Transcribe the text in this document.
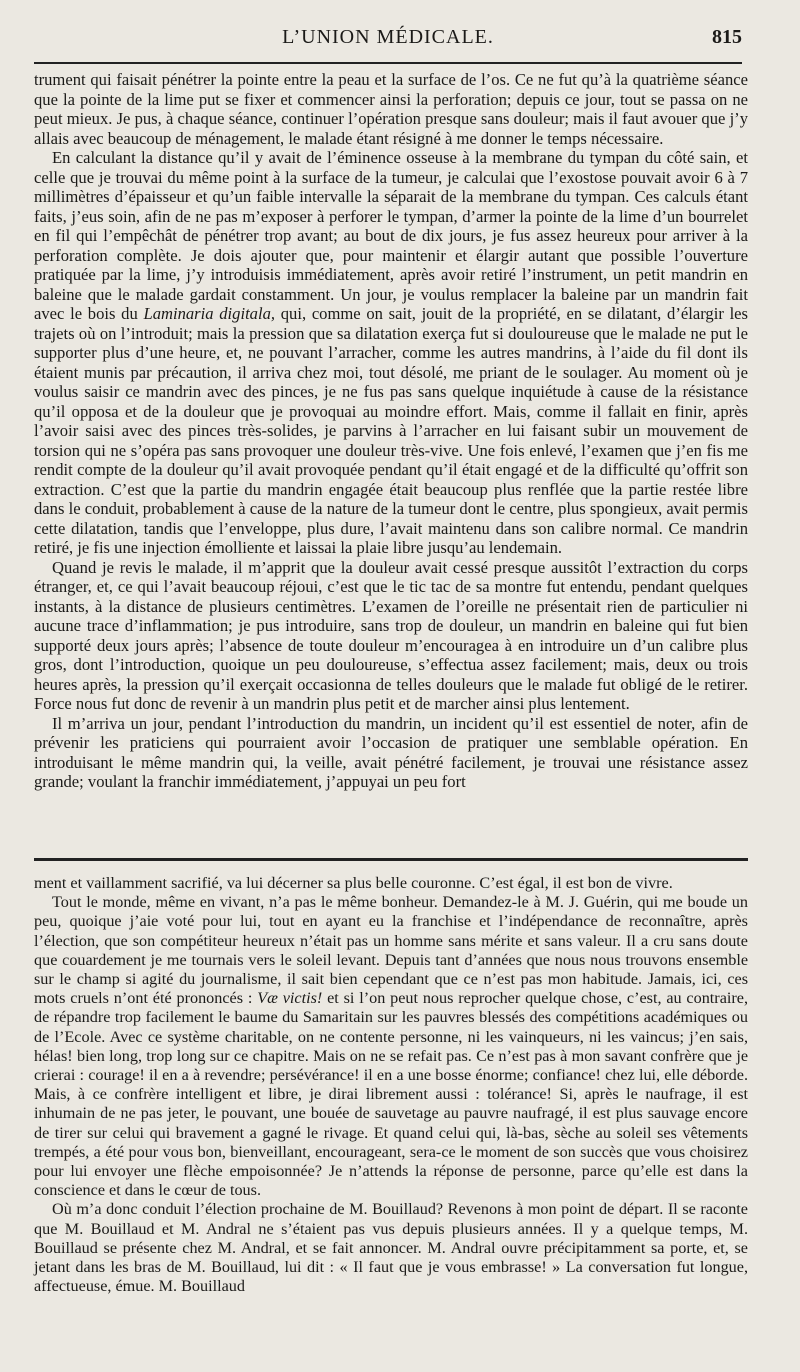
L’UNION MÉDICALE.	815

trument qui faisait pénétrer la pointe entre la peau et la surface de l’os. Ce ne fut qu’à la quatrième séance que la pointe de la lime put se fixer et commencer ainsi la perforation; depuis ce jour, tout se passa on ne peut mieux. Je pus, à chaque séance, continuer l’opération presque sans douleur; mais il faut avouer que j’y allais avec beaucoup de ménagement, le malade étant résigné à me donner le temps nécessaire.

En calculant la distance qu’il y avait de l’éminence osseuse à la membrane du tympan du côté sain, et celle que je trouvai du même point à la surface de la tumeur, je calculai que l’exostose pouvait avoir 6 à 7 millimètres d’épaisseur et qu’un faible intervalle la séparait de la membrane du tympan. Ces calculs étant faits, j’eus soin, afin de ne pas m’exposer à perforer le tympan, d’armer la pointe de la lime d’un bourrelet en fil qui l’empêchât de pénétrer trop avant; au bout de dix jours, je fus assez heureux pour arriver à la perforation complète. Je dois ajouter que, pour maintenir et élargir autant que possible l’ouverture pratiquée par la lime, j’y introduisis immédiatement, après avoir retiré l’instrument, un petit mandrin en baleine que le malade gardait constamment. Un jour, je voulus remplacer la baleine par un mandrin fait avec le bois du Laminaria digitala, qui, comme on sait, jouit de la propriété, en se dilatant, d’élargir les trajets où on l’introduit; mais la pression que sa dilatation exerça fut si douloureuse que le malade ne put le supporter plus d’une heure, et, ne pouvant l’arracher, comme les autres mandrins, à l’aide du fil dont ils étaient munis par précaution, il arriva chez moi, tout désolé, me priant de le soulager. Au moment où je voulus saisir ce mandrin avec des pinces, je ne fus pas sans quelque inquiétude à cause de la résistance qu’il opposa et de la douleur que je provoquai au moindre effort. Mais, comme il fallait en finir, après l’avoir saisi avec des pinces très-solides, je parvins à l’arracher en lui faisant subir un mouvement de torsion qui ne s’opéra pas sans provoquer une douleur très-vive. Une fois enlevé, l’examen que j’en fis me rendit compte de la douleur qu’il avait provoquée pendant qu’il était engagé et de la difficulté qu’offrit son extraction. C’est que la partie du mandrin engagée était beaucoup plus renflée que la partie restée libre dans le conduit, probablement à cause de la nature de la tumeur dont le centre, plus spongieux, avait permis cette dilatation, tandis que l’enveloppe, plus dure, l’avait maintenu dans son calibre normal. Ce mandrin retiré, je fis une injection émolliente et laissai la plaie libre jusqu’au lendemain.

Quand je revis le malade, il m’apprit que la douleur avait cessé presque aussitôt l’extraction du corps étranger, et, ce qui l’avait beaucoup réjoui, c’est que le tic tac de sa montre fut entendu, pendant quelques instants, à la distance de plusieurs centimètres. L’examen de l’oreille ne présentait rien de particulier ni aucune trace d’inflammation; je pus introduire, sans trop de douleur, un mandrin en baleine qui fut bien supporté deux jours après; l’absence de toute douleur m’encouragea à en introduire un d’un calibre plus gros, dont l’introduction, quoique un peu douloureuse, s’effectua assez facilement; mais, deux ou trois heures après, la pression qu’il exerçait occasionna de telles douleurs que le malade fut obligé de le retirer. Force nous fut donc de revenir à un mandrin plus petit et de marcher ainsi plus lentement.

Il m’arriva un jour, pendant l’introduction du mandrin, un incident qu’il est essentiel de noter, afin de prévenir les praticiens qui pourraient avoir l’occasion de pratiquer une semblable opération. En introduisant le même mandrin qui, la veille, avait pénétré facilement, je trouvai une résistance assez grande; voulant la franchir immédiatement, j’appuyai un peu fort

ment et vaillamment sacrifié, va lui décerner sa plus belle couronne. C’est égal, il est bon de vivre.

Tout le monde, même en vivant, n’a pas le même bonheur. Demandez-le à M. J. Guérin, qui me boude un peu, quoique j’aie voté pour lui, tout en ayant eu la franchise et l’indépendance de reconnaître, après l’élection, que son compétiteur heureux n’était pas un homme sans mérite et sans valeur. Il a cru sans doute que couardement je me tournais vers le soleil levant. Depuis tant d’années que nous nous trouvons ensemble sur le champ si agité du journalisme, il sait bien cependant que ce n’est pas mon habitude. Jamais, ici, ces mots cruels n’ont été prononcés : Væ victis! et si l’on peut nous reprocher quelque chose, c’est, au contraire, de répandre trop facilement le baume du Samaritain sur les pauvres blessés des compétitions académiques ou de l’Ecole. Avec ce système charitable, on ne contente personne, ni les vainqueurs, ni les vaincus; j’en sais, hélas! bien long, trop long sur ce chapitre. Mais on ne se refait pas. Ce n’est pas à mon savant confrère que je crierai : courage! il en a à revendre; persévérance! il en a une bosse énorme; confiance! chez lui, elle déborde. Mais, à ce confrère intelligent et libre, je dirai librement aussi : tolérance! Si, après le naufrage, il est inhumain de ne pas jeter, le pouvant, une bouée de sauvetage au pauvre naufragé, il est plus sauvage encore de tirer sur celui qui bravement a gagné le rivage. Et quand celui qui, là-bas, sèche au soleil ses vêtements trempés, a été pour vous bon, bienveillant, encourageant, sera-ce le moment de son succès que vous choisirez pour lui envoyer une flèche empoisonnée? Je n’attends la réponse de personne, parce qu’elle est dans la conscience et dans le cœur de tous.

Où m’a donc conduit l’élection prochaine de M. Bouillaud? Revenons à mon point de départ. Il se raconte que M. Bouillaud et M. Andral ne s’étaient pas vus depuis plusieurs années. Il y a quelque temps, M. Bouillaud se présente chez M. Andral, et se fait annoncer. M. Andral ouvre précipitamment sa porte, et, se jetant dans les bras de M. Bouillaud, lui dit : « Il faut que je vous embrasse! » La conversation fut longue, affectueuse, émue. M. Bouillaud
